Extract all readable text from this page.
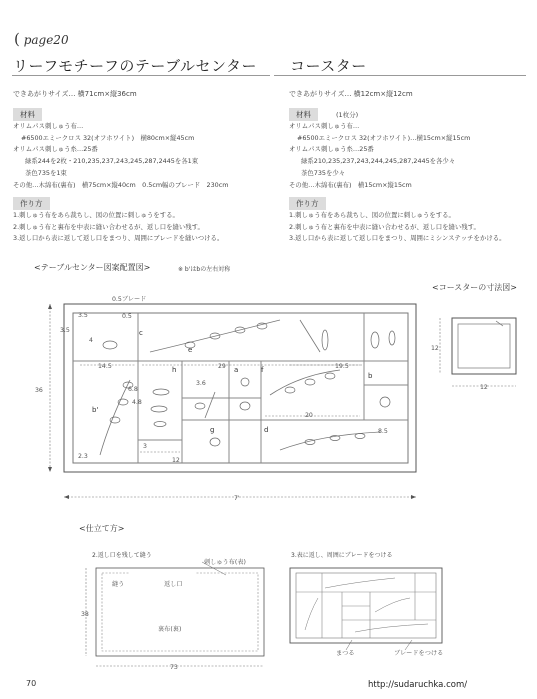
( page20
リーフモチーフのテーブルセンター
できあがりサイズ… 横71cm×縦36cm
材料
オリムパス刺しゅう布…
#6500エミークロス 32(オフホワイト)　横80cm×縦45cm
オリムパス刺しゅう糸…25番
緑系244を2枚・210,235,237,243,245,287,2445を各1束
茶色735を1束
その他…木綿布(裏布)　横75cm×縦40cm　0.5cm幅のブレード　230cm
作り方
1.刺しゅう布をあら裁ちし、図の位置に刺しゅうをする。
2.刺しゅう布と裏布を中表に縫い合わせるが、返し口を縫い残す。
3.返し口から表に返して返し口をまつり、周囲にブレードを縫いつける。
コースター
できあがりサイズ… 横12cm×縦12cm
材料	(1枚分)
オリムパス刺しゅう布…
#6500エミークロス 32(オフホワイト)…横15cm×縦15cm
オリムパス刺しゅう糸…25番
緑系210,235,237,243,244,245,287,2445を各少々
茶色735を少々
その他…木綿布(裏布)　横15cm×縦15cm
作り方
1.刺しゅう布をあら裁ちし、図の位置に刺しゅうをする。
2.刺しゅう布と裏布を中表に縫い合わせるが、返し口を縫い残す。
3.返し口から表に返して返し口をまつり、周囲にミシンステッチをかける。
<テーブルセンター図案配置図>	※ b'はbの左右対称
<コースターの寸法図>
0.5ブレード
3.5	0.5
3.5
4
14.5	29	19.5
36	6.8
4.8
3.6
2.3
3
12
20
8.5
7'
b'
c
e
h	a	f
b
d
g
12
12
<仕立て方>
2.返し口を残して縫う	3.表に返し、周囲にブレードをつける
刺しゅう布(表)
縫う	返し口
裏布(裏)
38
73
まつる	ブレードをつける
70	http://sudaruchka.com/
